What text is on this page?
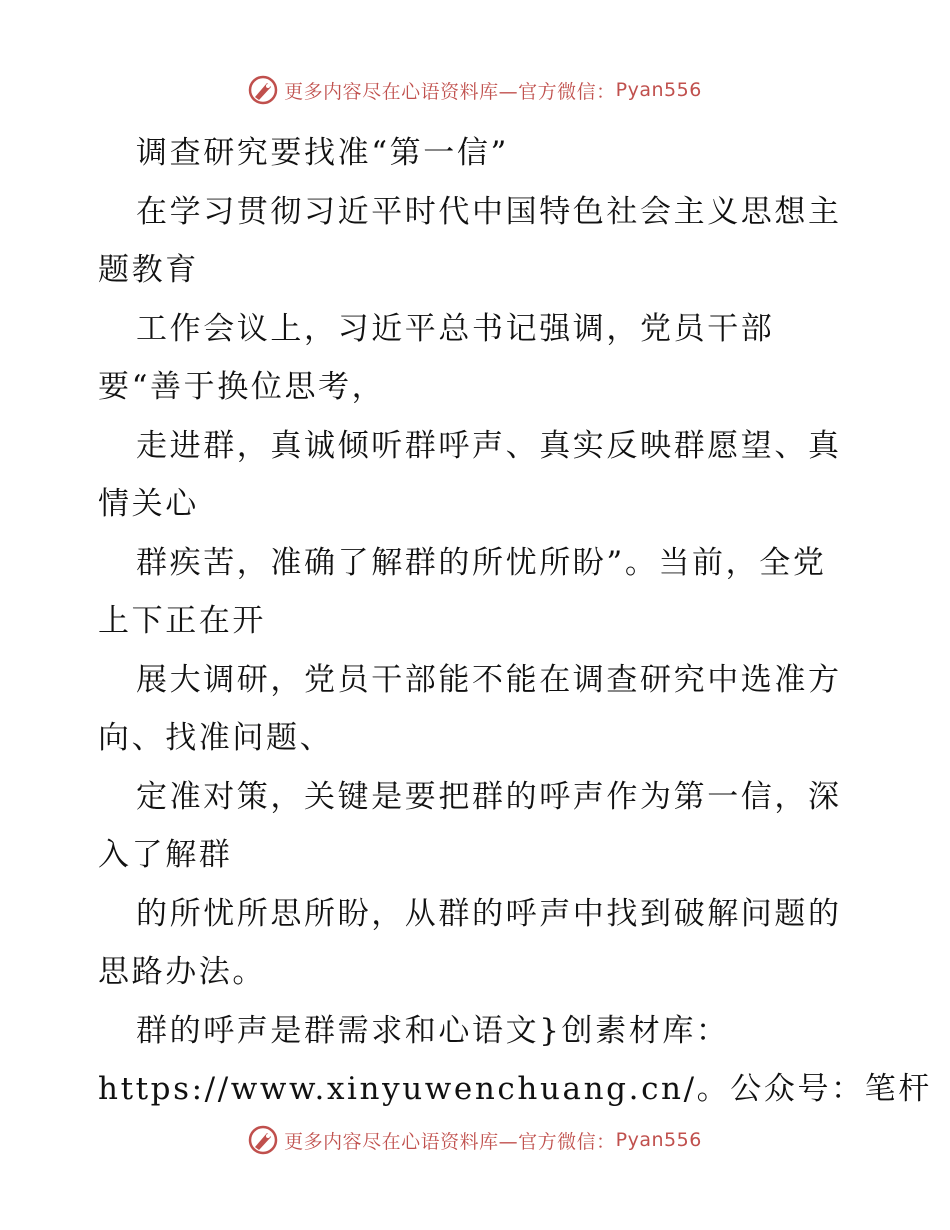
更多内容尽在心语资料库—官方微信： Pyan556
调查研究要找准“第一信”
在学习贯彻习近平时代中国特色社会主义思想主
题教育
工作会议上，习近平总书记强调，党员干部
要“善于换位思考，
走进群，真诚倾听群呼声、真实反映群愿望、真
情关心
群疾苦，准确了解群的所忧所盼”。当前，全党
上下正在开
展大调研，党员干部能不能在调查研究中选准方
向、找准问题、
定准对策，关键是要把群的呼声作为第一信，深
入了解群
的所忧所思所盼，从群的呼声中找到破解问题的
思路办法。
群的呼声是群需求和心语文}创素材库：
https://www.xinyuwenchuang.cn/。公众号：笔杆
更多内容尽在心语资料库—官方微信： Pyan556
